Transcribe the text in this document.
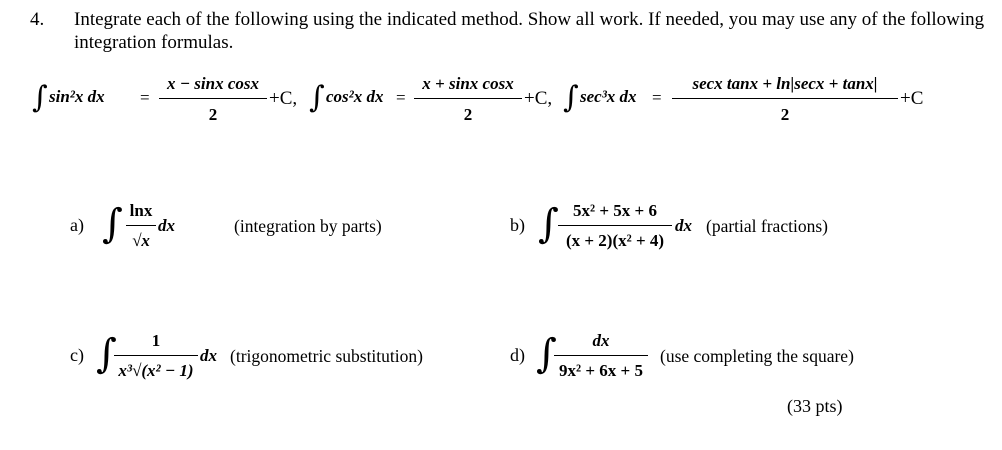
4. Integrate each of the following using the indicated method. Show all work. If needed, you may use any of the following integration formulas.
∫ sin²x dx =
x − sinx cosx
2
+C, ∫ cos²x dx =
x + sinx cosx
2
+C, ∫ sec³x dx =
secx tanx + ln|secx + tanx|
2
+C
a) ∫ lnx
√x
dx	(integration by parts)	b) ∫ 5x² + 5x + 6
(x + 2)(x² + 4)
dx (partial fractions)
c) ∫	1
x³√(x² − 1)
dx (trigonometric substitution)	d) ∫	dx
9x² + 6x + 5
(use completing the square)
(33 pts)
